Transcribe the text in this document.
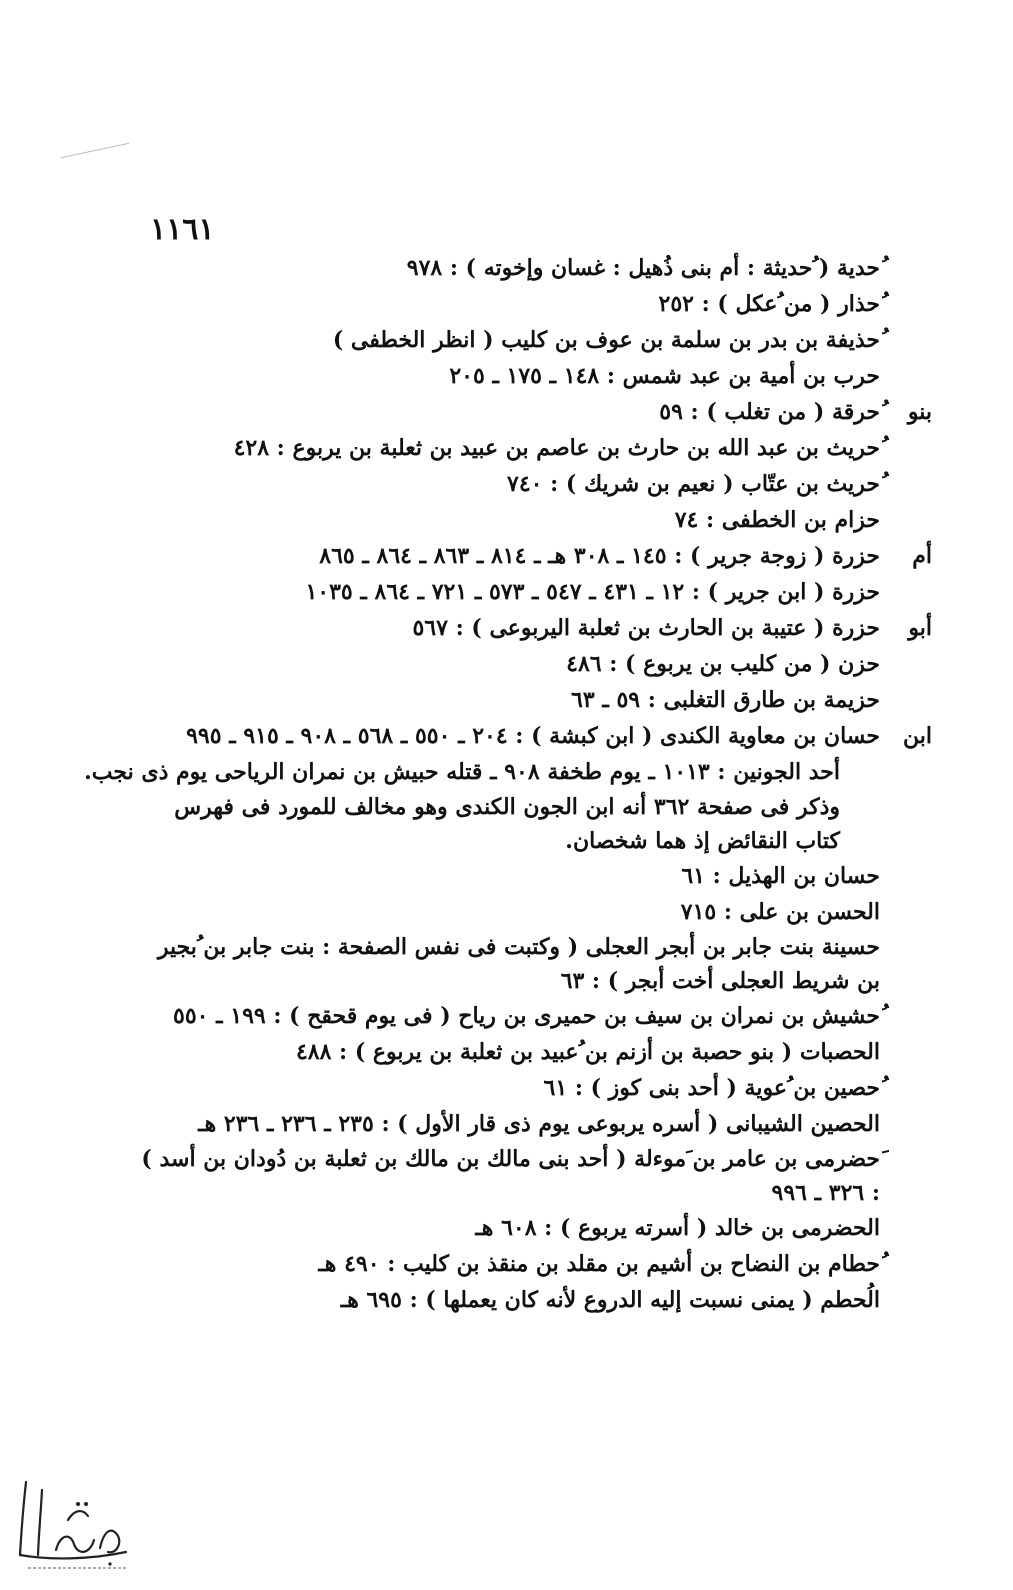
١١٦١
ُحدية ( ُحديثة : أم بنى ذُهيل : غسان وإخوته ) : ٩٧٨
ُحذار ( من ُعكل ) : ٢٥٢
ُحذيفة بن بدر بن سلمة بن عوف بن كليب ( انظر الخطفى )
حرب بن أمية بن عبد شمس : ١٤٨ ـ ١٧٥ ـ ٢٠٥
بنو
ُحرقة ( من تغلب ) : ٥٩
ُحريث بن عبد الله بن حارث بن عاصم بن عبيد بن ثعلبة بن يربوع : ٤٢٨
ُحريث بن عتّاب ( نعيم بن شريك ) : ٧٤٠
حزام بن الخطفى : ٧٤
أم
حزرة ( زوجة جرير ) : ١٤٥ ـ ٣٠٨ هـ ـ ٨١٤ ـ ٨٦٣ ـ ٨٦٤ ـ ٨٦٥
حزرة ( ابن جرير ) : ١٢ ـ ٤٣١ ـ ٥٤٧ ـ ٥٧٣ ـ ٧٢١ ـ ٨٦٤ ـ ١٠٣٥
أبو
حزرة ( عتيبة بن الحارث بن ثعلبة اليربوعى ) : ٥٦٧
حزن ( من كليب بن يربوع ) : ٤٨٦
حزيمة بن طارق التغلبى : ٥٩ ـ ٦٣
ابن
حسان بن معاوية الكندى ( ابن كبشة ) : ٢٠٤ ـ ٥٥٠ ـ ٥٦٨ ـ ٩٠٨ ـ ٩١٥ ـ ٩٩٥
أحد الجونين : ١٠١٣ ـ يوم طخفة ٩٠٨ ـ قتله حبيش بن نمران الرياحى يوم ذى نجب.
وذكر فى صفحة ٣٦٢ أنه ابن الجون الكندى وهو مخالف للمورد فى فهرس كتاب النقائض إذ هما شخصان.
حسان بن الهذيل : ٦١
الحسن بن على : ٧١٥
حسينة بنت جابر بن أبجر العجلى ( وكتبت فى نفس الصفحة : بنت جابر بن ُبجير بن شريط العجلى أخت أبجر ) : ٦٣
ُحشيش بن نمران بن سيف بن حميرى بن رياح ( فى يوم قحقح ) : ١٩٩ ـ ٥٥٠
الحصبات ( بنو حصبة بن أزنم بن ُعبيد بن ثعلبة بن يربوع ) : ٤٨٨
ُحصين بن ُعوية ( أحد بنى كوز ) : ٦١
الحصين الشيبانى ( أسره يربوعى يوم ذى قار الأول ) : ٢٣٥ ـ ٢٣٦ ـ ٢٣٦ هـ
َحضرمى بن عامر بن َموءلة ( أحد بنى مالك بن مالك بن ثعلبة بن دُودان بن أسد ) : ٣٢٦ ـ ٩٩٦
الحضرمى بن خالد ( أسرته يربوع ) : ٦٠٨ هـ
ُحطام بن النضاح بن أشيم بن مقلد بن منقذ بن كليب : ٤٩٠ هـ
الُحطم ( يمنى نسبت إليه الدروع لأنه كان يعملها ) : ٦٩٥ هـ
